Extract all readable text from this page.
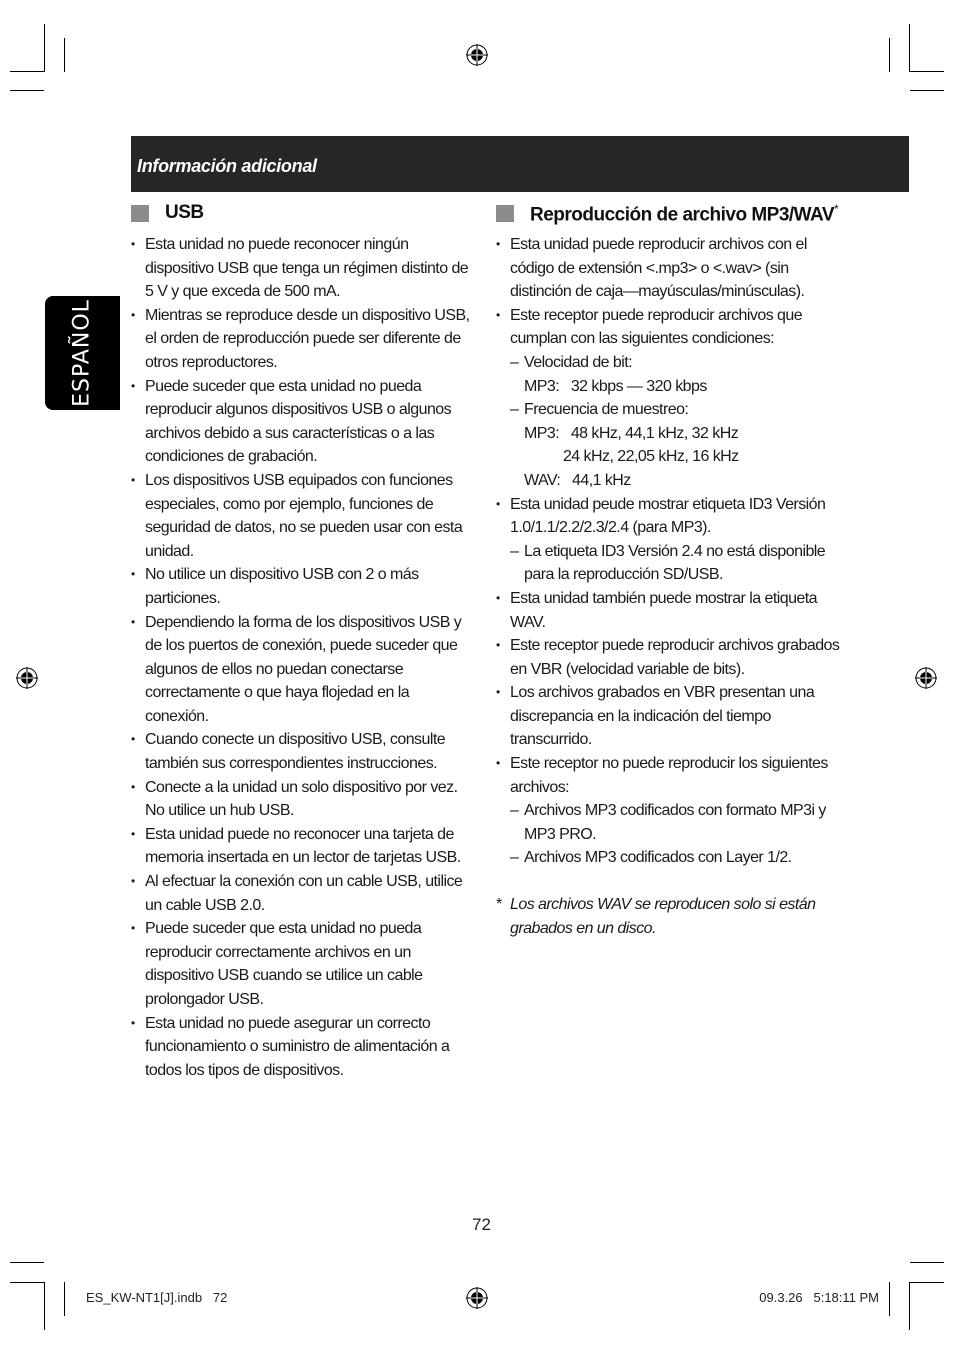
Información adicional
ESPAÑOL
USB
• Esta unidad no puede reconocer ningún dispositivo USB que tenga un régimen distinto de 5 V y que exceda de 500 mA.
• Mientras se reproduce desde un dispositivo USB, el orden de reproducción puede ser diferente de otros reproductores.
• Puede suceder que esta unidad no pueda reproducir algunos dispositivos USB o algunos archivos debido a sus características o a las condiciones de grabación.
• Los dispositivos USB equipados con funciones especiales, como por ejemplo, funciones de seguridad de datos, no se pueden usar con esta unidad.
• No utilice un dispositivo USB con 2 o más particiones.
• Dependiendo la forma de los dispositivos USB y de los puertos de conexión, puede suceder que algunos de ellos no puedan conectarse correctamente o que haya flojedad en la conexión.
• Cuando conecte un dispositivo USB, consulte también sus correspondientes instrucciones.
• Conecte a la unidad un solo dispositivo por vez. No utilice un hub USB.
• Esta unidad puede no reconocer una tarjeta de memoria insertada en un lector de tarjetas USB.
• Al efectuar la conexión con un cable USB, utilice un cable USB 2.0.
• Puede suceder que esta unidad no pueda reproducir correctamente archivos en un dispositivo USB cuando se utilice un cable prolongador USB.
• Esta unidad no puede asegurar un correcto funcionamiento o suministro de alimentación a todos los tipos de dispositivos.
Reproducción de archivo MP3/WAV*
• Esta unidad puede reproducir archivos con el código de extensión <.mp3> o <.wav> (sin distinción de caja—mayúsculas/minúsculas).
• Este receptor puede reproducir archivos que cumplan con las siguientes condiciones:
– Velocidad de bit:
MP3:   32 kbps — 320 kbps
– Frecuencia de muestreo:
MP3:   48 kHz, 44,1 kHz, 32 kHz
24 kHz, 22,05 kHz, 16 kHz
WAV:   44,1 kHz
• Esta unidad peude mostrar etiqueta ID3 Versión 1.0/1.1/2.2/2.3/2.4 (para MP3).
– La etiqueta ID3 Versión 2.4 no está disponible para la reproducción SD/USB.
• Esta unidad también puede mostrar la etiqueta WAV.
• Este receptor puede reproducir archivos grabados en VBR (velocidad variable de bits).
• Los archivos grabados en VBR presentan una discrepancia en la indicación del tiempo transcurrido.
• Este receptor no puede reproducir los siguientes archivos:
– Archivos MP3 codificados con formato MP3i y MP3 PRO.
– Archivos MP3 codificados con Layer 1/2.
* Los archivos WAV se reproducen solo si están grabados en un disco.
72
ES_KW-NT1[J].indb   72	09.3.26   5:18:11 PM
